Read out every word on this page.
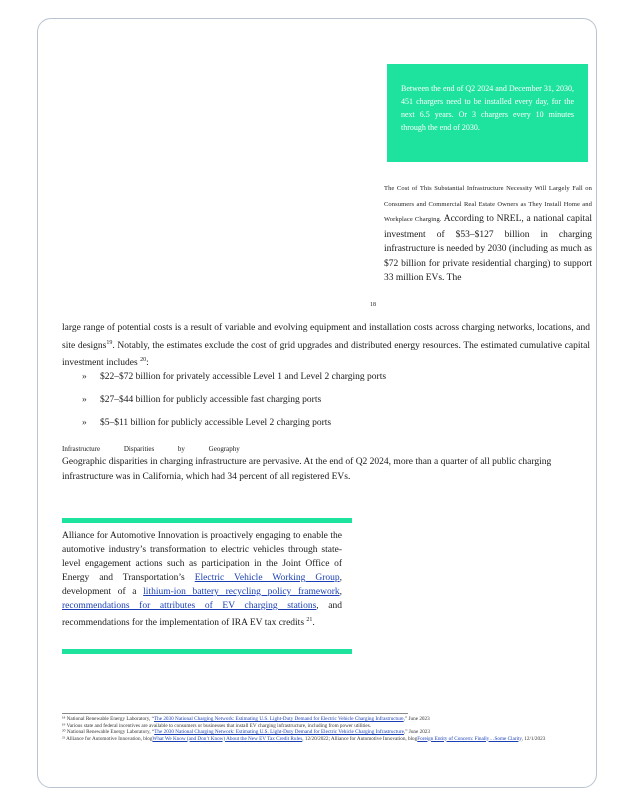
Between the end of Q2 2024 and December 31, 2030, 451 chargers need to be installed every day, for the next 6.5 years. Or 3 chargers every 10 minutes through the end of 2030.
The Cost of This Substantial Infrastructure Necessity Will Largely Fall on Consumers and Commercial Real Estate Owners as They Install Home and Workplace Charging. According to NREL, a national capital investment of $53–$127 billion in charging infrastructure is needed by 2030 (including as much as $72 billion for private residential charging) to support 33 million EVs. The
18
large range of potential costs is a result of variable and evolving equipment and installation costs across charging networks, locations, and site designs$^{19}$. Notably, the estimates exclude the cost of grid upgrades and distributed energy resources. The estimated cumulative capital investment includes $^{20}$:
»	$22–$72 billion for privately accessible Level 1 and Level 2 charging ports
»	$27–$44 billion for publicly accessible fast charging ports
»	$5–$11 billion for publicly accessible Level 2 charging ports
Infrastructure Disparities by Geography
Geographic disparities in charging infrastructure are pervasive. At the end of Q2 2024, more than a quarter of all public charging infrastructure was in California, which had 34 percent of all registered EVs.
Alliance for Automotive Innovation is proactively engaging to enable the automotive industry’s transformation to electric vehicles through state-level engagement actions such as participation in the Joint Office of Energy and Transportation’s Electric Vehicle Working Group, development of a lithium-ion battery recycling policy framework, recommendations for attributes of EV charging stations, and recommendations for the implementation of IRA EV tax credits $^{21}$.
¹⁸ National Renewable Energy Laboratory, “The 2030 National Charging Network: Estimating U.S. Light-Duty Demand for Electric Vehicle Charging Infrastructure,” June 2023
¹⁹ Various state and federal incentives are available to consumers or businesses that install EV charging infrastructure, including from power utilities.
²⁰ National Renewable Energy Laboratory, “The 2030 National Charging Network: Estimating U.S. Light-Duty Demand for Electric Vehicle Charging Infrastructure,” June 2023
²¹ Alliance for Automotive Innovation, blogWhat We Know (and Don’t Know) About the New EV Tax Credit Rules, 12/20/2022; Alliance for Automotive Innovation, blogForeign Entity of Concern: Finally…Some Clarity, 12/1/2023
